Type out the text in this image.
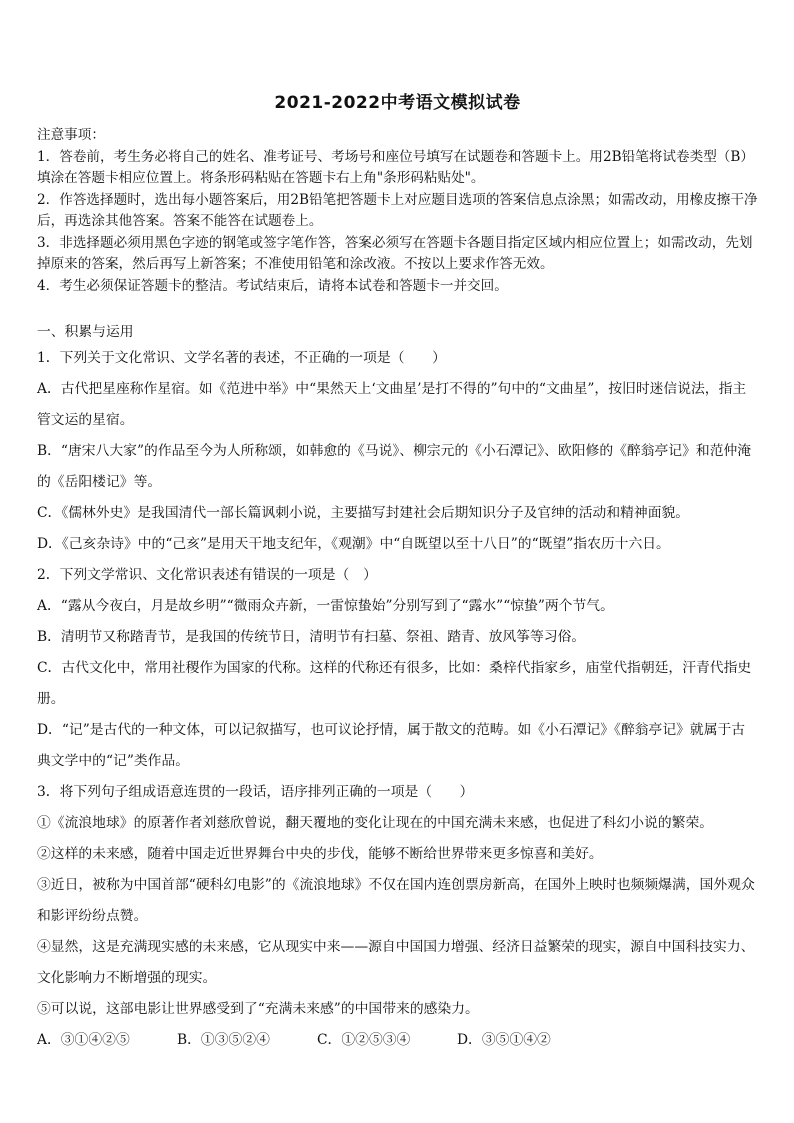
2021-2022中考语文模拟试卷

注意事项：

1．答卷前，考生务必将自己的姓名、准考证号、考场号和座位号填写在试题卷和答题卡上。用2B铅笔将试卷类型（B）填涂在答题卡相应位置上。将条形码粘贴在答题卡右上角"条形码粘贴处"。

2．作答选择题时，选出每小题答案后，用2B铅笔把答题卡上对应题目选项的答案信息点涂黑；如需改动，用橡皮擦干净后，再选涂其他答案。答案不能答在试题卷上。

3．非选择题必须用黑色字迹的钢笔或签字笔作答，答案必须写在答题卡各题目指定区域内相应位置上；如需改动，先划掉原来的答案，然后再写上新答案；不准使用铅笔和涂改液。不按以上要求作答无效。

4．考生必须保证答题卡的整洁。考试结束后，请将本试卷和答题卡一并交回。

一、积累与运用

1．下列关于文化常识、文学名著的表述，不正确的一项是（　　）

A．古代把星座称作星宿。如《范进中举》中“果然天上‘文曲星’是打不得的”句中的“文曲星”，按旧时迷信说法，指主管文运的星宿。

B．“唐宋八大家”的作品至今为人所称颂，如韩愈的《马说》、柳宗元的《小石潭记》、欧阳修的《醉翁亭记》和范仲淹的《岳阳楼记》等。

C．《儒林外史》是我国清代一部长篇讽刺小说，主要描写封建社会后期知识分子及官绅的活动和精神面貌。

D．《己亥杂诗》中的“己亥”是用天干地支纪年，《观潮》中“自既望以至十八日”的“既望”指农历十六日。

2．下列文学常识、文化常识表述有错误的一项是（　）

A．“露从今夜白，月是故乡明”“微雨众卉新，一雷惊蛰始”分别写到了“露水”“惊蛰”两个节气。

B．清明节又称踏青节，是我国的传统节日，清明节有扫墓、祭祖、踏青、放风筝等习俗。

C．古代文化中，常用社稷作为国家的代称。这样的代称还有很多，比如：桑梓代指家乡，庙堂代指朝廷，汗青代指史册。

D．“记”是古代的一种文体，可以记叙描写，也可议论抒情，属于散文的范畴。如《小石潭记》《醉翁亭记》就属于古典文学中的“记”类作品。

3．将下列句子组成语意连贯的一段话，语序排列正确的一项是（　　）

①《流浪地球》的原著作者刘慈欣曾说，翻天覆地的变化让现在的中国充满未来感，也促进了科幻小说的繁荣。

②这样的未来感，随着中国走近世界舞台中央的步伐，能够不断给世界带来更多惊喜和美好。

③近日，被称为中国首部“硬科幻电影”的《流浪地球》不仅在国内连创票房新高，在国外上映时也频频爆满，国外观众和影评纷纷点赞。

④显然，这是充满现实感的未来感，它从现实中来——源自中国国力增强、经济日益繁荣的现实，源自中国科技实力、文化影响力不断增强的现实。

⑤可以说，这部电影让世界感受到了“充满未来感”的中国带来的感染力。

A．③①④②⑤	B．①③⑤②④	C．①②⑤③④	D．③⑤①④②
